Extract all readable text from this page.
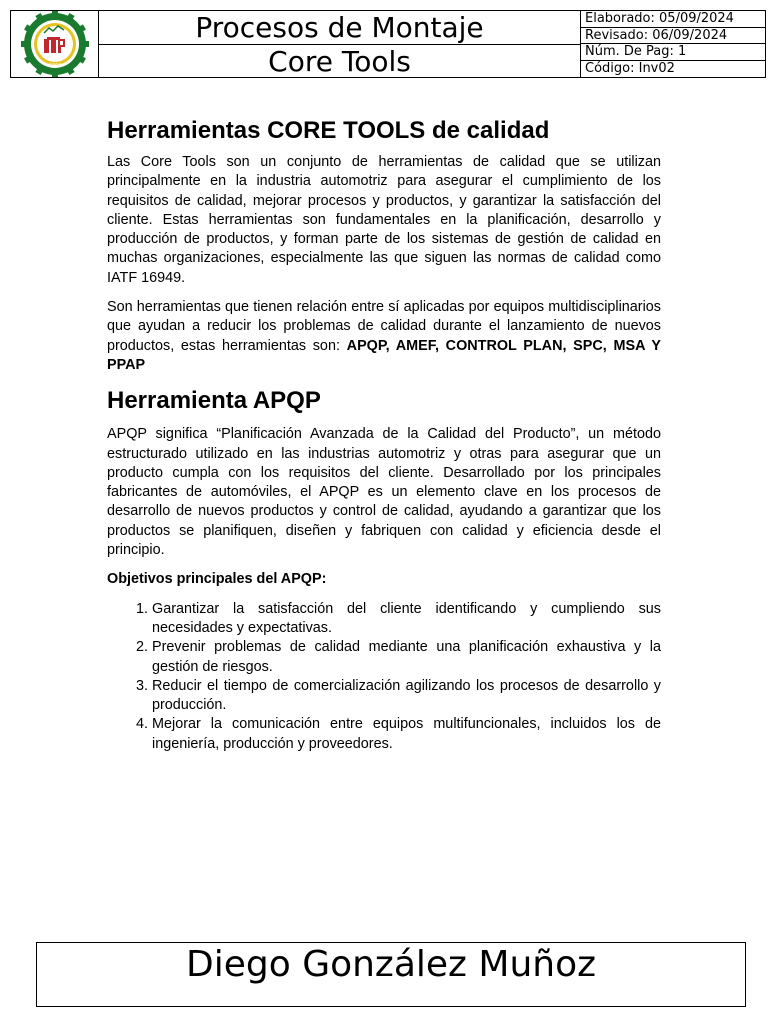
1994
Procesos de Montaje
Core Tools
Elaborado: 05/09/2024
Revisado: 06/09/2024
Núm. De Pag: 1
Código: Inv02
Herramientas CORE TOOLS de calidad

Las Core Tools son un conjunto de herramientas de calidad que se utilizan principalmente en la industria automotriz para asegurar el cumplimiento de los requisitos de calidad, mejorar procesos y productos, y garantizar la satisfacción del cliente. Estas herramientas son fundamentales en la planificación, desarrollo y producción de productos, y forman parte de los sistemas de gestión de calidad en muchas organizaciones, especialmente las que siguen las normas de calidad como IATF 16949.

Son herramientas que tienen relación entre sí aplicadas por equipos multidisciplinarios que ayudan a reducir los problemas de calidad durante el lanzamiento de nuevos productos, estas herramientas son: APQP, AMEF, CONTROL PLAN, SPC, MSA Y PPAP

Herramienta APQP

APQP significa “Planificación Avanzada de la Calidad del Producto”, un método estructurado utilizado en las industrias automotriz y otras para asegurar que un producto cumpla con los requisitos del cliente. Desarrollado por los principales fabricantes de automóviles, el APQP es un elemento clave en los procesos de desarrollo de nuevos productos y control de calidad, ayudando a garantizar que los productos se planifiquen, diseñen y fabriquen con calidad y eficiencia desde el principio.

Objetivos principales del APQP:

1. Garantizar la satisfacción del cliente identificando y cumpliendo sus necesidades y expectativas.
2. Prevenir problemas de calidad mediante una planificación exhaustiva y la gestión de riesgos.
3. Reducir el tiempo de comercialización agilizando los procesos de desarrollo y producción.
4. Mejorar la comunicación entre equipos multifuncionales, incluidos los de ingeniería, producción y proveedores.
Diego González Muñoz
